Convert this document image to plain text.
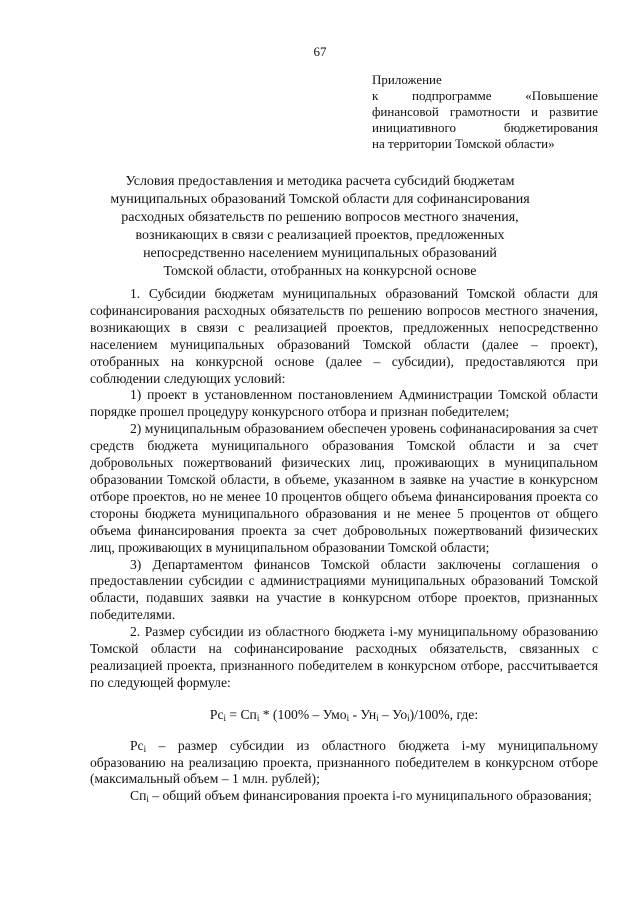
67
Приложение
к подпрограмме «Повышение
финансовой грамотности и развитие
инициативного бюджетирования
на территории Томской области»
Условия предоставления и методика расчета субсидий бюджетам
муниципальных образований Томской области для софинансирования
расходных обязательств по решению вопросов местного значения,
возникающих в связи с реализацией проектов, предложенных
непосредственно населением муниципальных образований
Томской области, отобранных на конкурсной основе

1. Субсидии бюджетам муниципальных образований Томской области для софинансирования расходных обязательств по решению вопросов местного значения, возникающих в связи с реализацией проектов, предложенных непосредственно населением муниципальных образований Томской области (далее – проект), отобранных на конкурсной основе (далее – субсидии), предоставляются при соблюдении следующих условий:

1) проект в установленном постановлением Администрации Томской области порядке прошел процедуру конкурсного отбора и признан победителем;

2) муниципальным образованием обеспечен уровень софинанасирования за счет средств бюджета муниципального образования Томской области и за счет добровольных пожертвований физических лиц, проживающих в муниципальном образовании Томской области, в объеме, указанном в заявке на участие в конкурсном отборе проектов, но не менее 10 процентов общего объема финансирования проекта со стороны бюджета муниципального образования и не менее 5 процентов от общего объема финансирования проекта за счет добровольных пожертвований физических лиц, проживающих в муниципальном образовании Томской области;

3) Департаментом финансов Томской области заключены соглашения о предоставлении субсидии с администрациями муниципальных образований Томской области, подавших заявки на участие в конкурсном отборе проектов, признанных победителями.

2. Размер субсидии из областного бюджета i-му муниципальному образованию Томской области на софинансирование расходных обязательств, связанных с реализацией проекта, признанного победителем в конкурсном отборе, рассчитывается по следующей формуле:

$Рс_i = Сп_i * (100\% - Умо_i - Ун_i - Уо_i)/100\%$, где:

$Рс_i$ – размер субсидии из областного бюджета i-му муниципальному образованию на реализацию проекта, признанного победителем в конкурсном отборе (максимальный объем – 1 млн. рублей);

$Сп_i$ – общий объем финансирования проекта i-го муниципального образования;
